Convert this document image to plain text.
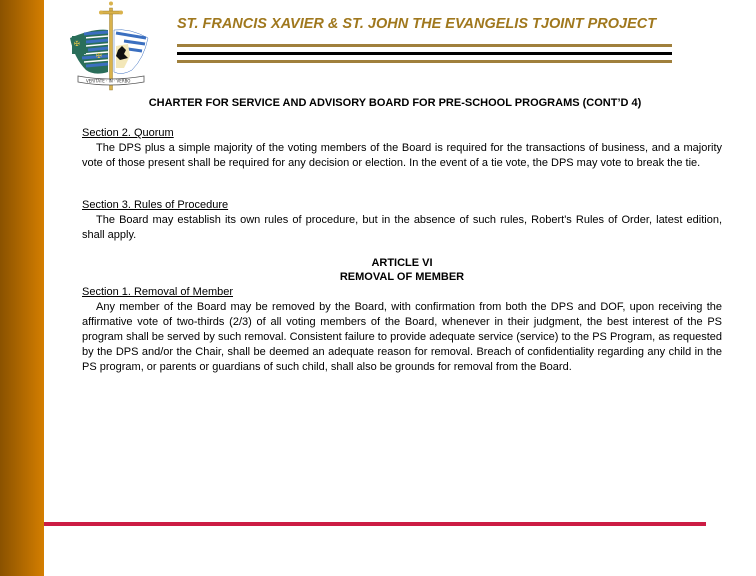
✠
✠
VERITATE · IN · VERBO
ST. FRANCIS XAVIER & ST. JOHN THE EVANGELIS TJOINT PROJECT
CHARTER FOR SERVICE AND ADVISORY BOARD FOR PRE-SCHOOL PROGRAMS (CONT’D 4)
Section 2. Quorum
The DPS plus a simple majority of the voting members of the Board is required for the transactions of business, and a majority vote of those present shall be required for any decision or election. In the event of a tie vote, the DPS may vote to break the tie.
Section 3. Rules of Procedure
The Board may establish its own rules of procedure, but in the absence of such rules, Robert's Rules of Order, latest edition, shall apply.
ARTICLE VI
REMOVAL OF MEMBER
Section 1. Removal of Member
Any member of the Board may be removed by the Board, with confirmation from both the DPS and DOF, upon receiving the affirmative vote of two-thirds (2/3) of all voting members of the Board, whenever in their judgment, the best interest of the PS program shall be served by such removal. Consistent failure to provide adequate service (service) to the PS Program, as requested by the DPS and/or the Chair, shall be deemed an adequate reason for removal. Breach of confidentiality regarding any child in the PS program, or parents or guardians of such child, shall also be grounds for removal from the Board.
